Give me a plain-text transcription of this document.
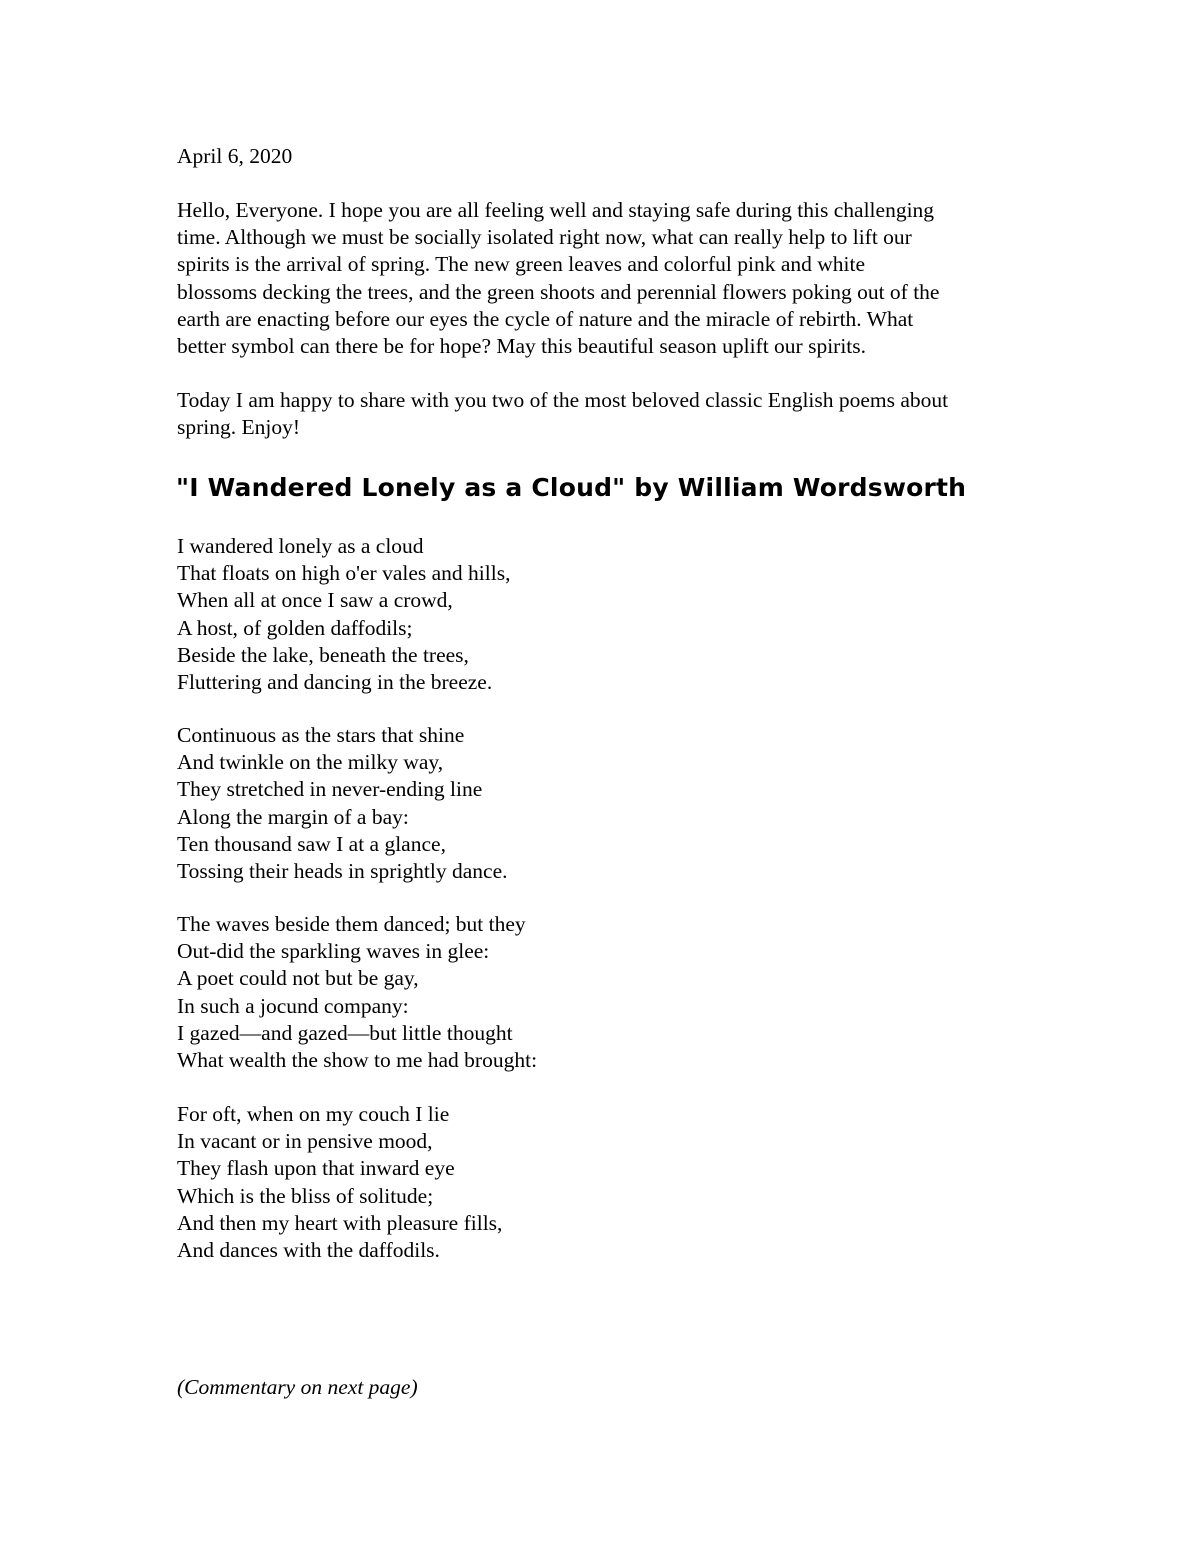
April 6, 2020
Hello, Everyone. I hope you are all feeling well and staying safe during this challenging
time. Although we must be socially isolated right now, what can really help to lift our
spirits is the arrival of spring. The new green leaves and colorful pink and white
blossoms decking the trees, and the green shoots and perennial flowers poking out of the
earth are enacting before our eyes the cycle of nature and the miracle of rebirth. What
better symbol can there be for hope? May this beautiful season uplift our spirits.
Today I am happy to share with you two of the most beloved classic English poems about
spring. Enjoy!
"I Wandered Lonely as a Cloud" by William Wordsworth
I wandered lonely as a cloud
That floats on high o'er vales and hills,
When all at once I saw a crowd,
A host, of golden daffodils;
Beside the lake, beneath the trees,
Fluttering and dancing in the breeze.
Continuous as the stars that shine
And twinkle on the milky way,
They stretched in never-ending line
Along the margin of a bay:
Ten thousand saw I at a glance,
Tossing their heads in sprightly dance.
The waves beside them danced; but they
Out-did the sparkling waves in glee:
A poet could not but be gay,
In such a jocund company:
I gazed—and gazed—but little thought
What wealth the show to me had brought:
For oft, when on my couch I lie
In vacant or in pensive mood,
They flash upon that inward eye
Which is the bliss of solitude;
And then my heart with pleasure fills,
And dances with the daffodils.
(Commentary on next page)
